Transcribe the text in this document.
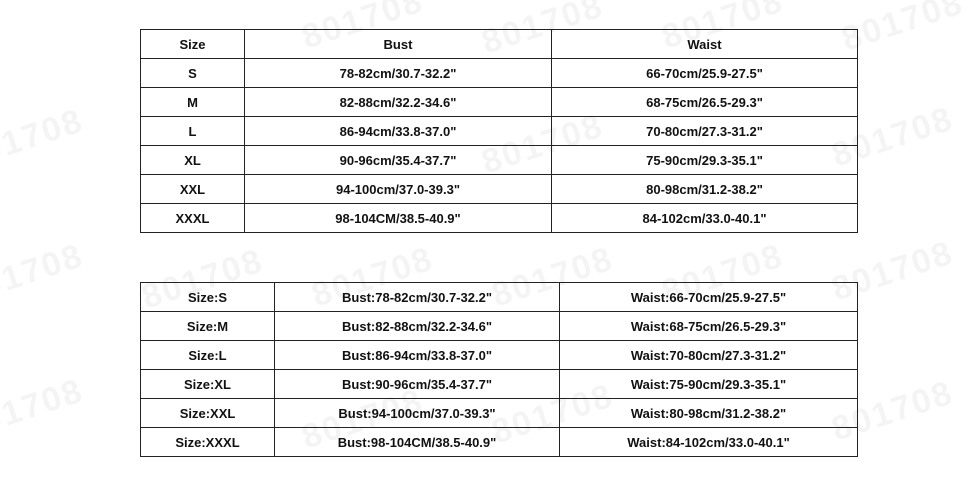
Size	Bust	Waist
S	78-82cm/30.7-32.2"	66-70cm/25.9-27.5"
M	82-88cm/32.2-34.6"	68-75cm/26.5-29.3"
L	86-94cm/33.8-37.0"	70-80cm/27.3-31.2"
XL	90-96cm/35.4-37.7"	75-90cm/29.3-35.1"
XXL	94-100cm/37.0-39.3"	80-98cm/31.2-38.2"
XXXL	98-104CM/38.5-40.9"	84-102cm/33.0-40.1"
Size:S	Bust:78-82cm/30.7-32.2"	Waist:66-70cm/25.9-27.5"
Size:M	Bust:82-88cm/32.2-34.6"	Waist:68-75cm/26.5-29.3"
Size:L	Bust:86-94cm/33.8-37.0"	Waist:70-80cm/27.3-31.2"
Size:XL	Bust:90-96cm/35.4-37.7"	Waist:75-90cm/29.3-35.1"
Size:XXL	Bust:94-100cm/37.0-39.3"	Waist:80-98cm/31.2-38.2"
Size:XXXL	Bust:98-104CM/38.5-40.9"	Waist:84-102cm/33.0-40.1"
